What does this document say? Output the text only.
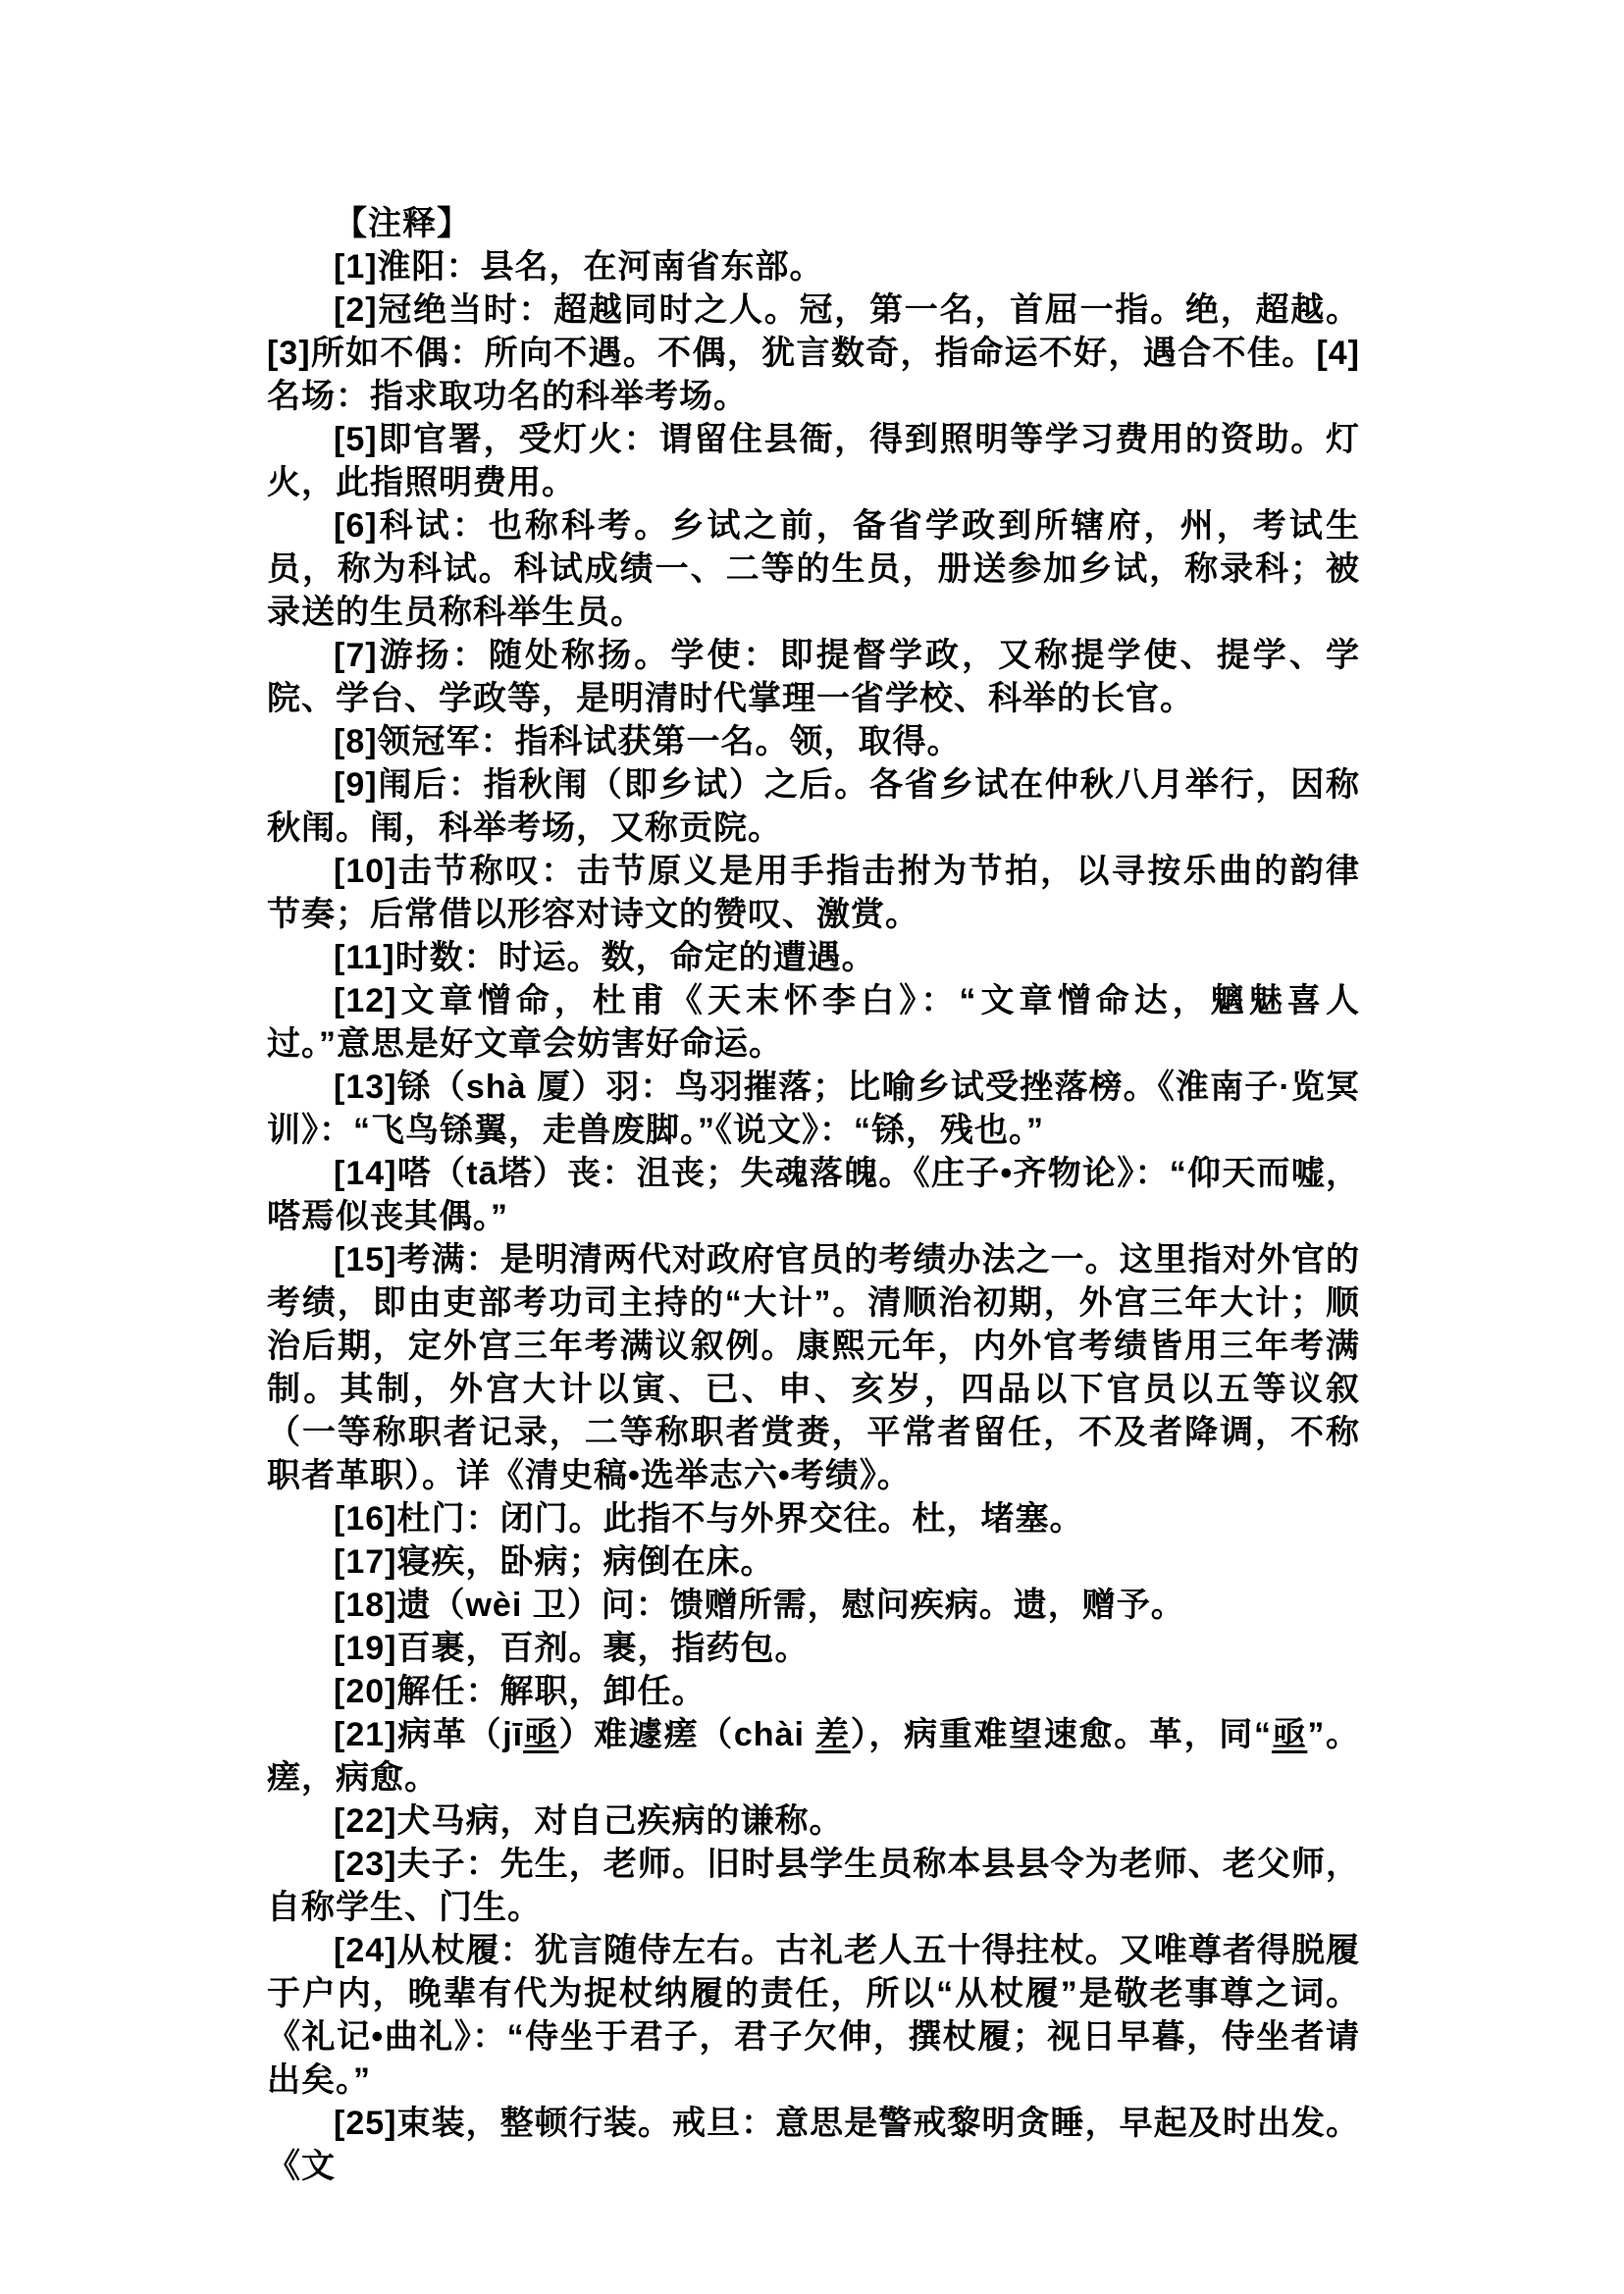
【注释】

[1]淮阳：县名，在河南省东部。

[2]冠绝当时：超越同时之人。冠，第一名，首屈一指。绝，超越。[3]所如不偶：所向不遇。不偶，犹言数奇，指命运不好，遇合不佳。[4]名场：指求取功名的科举考场。

[5]即官署，受灯火：谓留住县衙，得到照明等学习费用的资助。灯火，此指照明费用。

[6]科试：也称科考。乡试之前，备省学政到所辖府，州，考试生员，称为科试。科试成绩一、二等的生员，册送参加乡试，称录科；被录送的生员称科举生员。

[7]游扬：随处称扬。学使：即提督学政，又称提学使、提学、学院、学台、学政等，是明清时代掌理一省学校、科举的长官。

[8]领冠军：指科试获第一名。领，取得。

[9]闱后：指秋闱（即乡试）之后。各省乡试在仲秋八月举行，因称秋闱。闱，科举考场，又称贡院。

[10]击节称叹：击节原义是用手指击拊为节拍，以寻按乐曲的韵律　节奏；后常借以形容对诗文的赞叹、激赏。

[11]时数：时运。数，命定的遭遇。

[12]文章憎命，杜甫《天末怀李白》：“文章憎命达，魑魅喜人过。”意思是好文章会妨害好命运。

[13]铩（shà 厦）羽：鸟羽摧落；比喻乡试受挫落榜。《淮南子·览冥训》：“飞鸟铩翼，走兽废脚。”《说文》：“铩，残也。”

[14]嗒（tā塔）丧：沮丧；失魂落魄。《庄子•齐物论》：“仰天而嘘，嗒焉似丧其偶。”

[15]考满：是明清两代对政府官员的考绩办法之一。这里指对外官的考绩，即由吏部考功司主持的“大计”。清顺治初期，外宫三年大计；顺治后期，定外宫三年考满议叙例。康熙元年，内外官考绩皆用三年考满制。其制，外宫大计以寅、已、申、亥岁，四品以下官员以五等议叙（一等称职者记录，二等称职者赏赉，平常者留任，不及者降调，不称职者革职）。详《清史稿•选举志六•考绩》。

[16]杜门：闭门。此指不与外界交往。杜，堵塞。

[17]寝疾，卧病；病倒在床。

[18]遗（wèi 卫）问：馈赠所需，慰问疾病。遗，赠予。

[19]百裹，百剂。裹，指药包。

[20]解任：解职，卸任。

[21]病革（jī亟）难遽瘥（chài 差），病重难望速愈。革，同“亟”。瘥，病愈。

[22]犬马病，对自己疾病的谦称。

[23]夫子：先生，老师。旧时县学生员称本县县令为老师、老父师，自称学生、门生。

[24]从杖履：犹言随侍左右。古礼老人五十得拄杖。又唯尊者得脱履于户内，晚辈有代为捉杖纳履的责任，所以“从杖履”是敬老事尊之词。《礼记•曲礼》：“侍坐于君子，君子欠伸，撰杖履；视日早暮，侍坐者请出矣。”

[25]束装，整顿行装。戒旦：意思是警戒黎明贪睡，早起及时出发。《文
